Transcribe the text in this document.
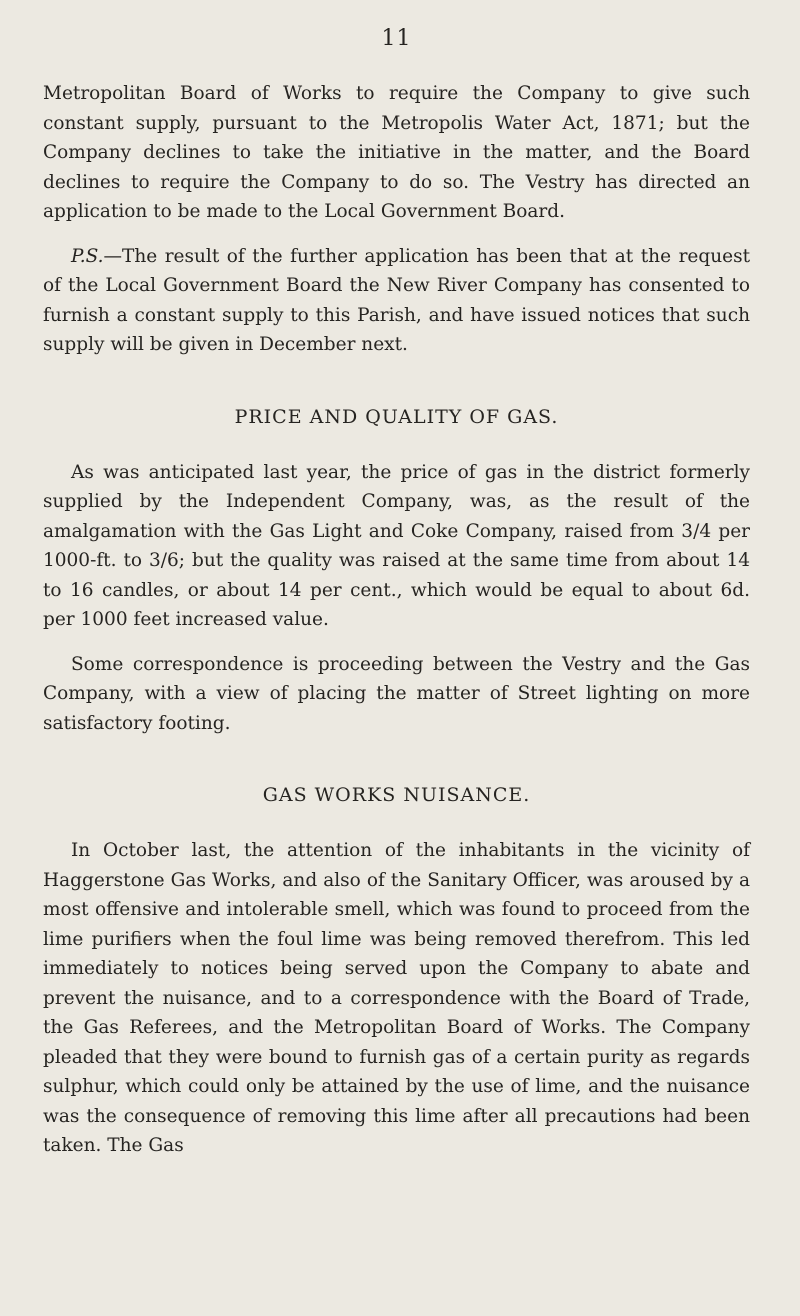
11

Metropolitan Board of Works to require the Company to give such constant supply, pursuant to the Metropolis Water Act, 1871; but the Company declines to take the initiative in the matter, and the Board declines to require the Company to do so. The Vestry has directed an application to be made to the Local Government Board.

P.S.—The result of the further application has been that at the request of the Local Government Board the New River Company has consented to furnish a constant supply to this Parish, and have issued notices that such supply will be given in December next.

PRICE AND QUALITY OF GAS.

As was anticipated last year, the price of gas in the district formerly supplied by the Independent Company, was, as the result of the amalgamation with the Gas Light and Coke Company, raised from 3/4 per 1000-ft. to 3/6; but the quality was raised at the same time from about 14 to 16 candles, or about 14 per cent., which would be equal to about 6d. per 1000 feet increased value.

Some correspondence is proceeding between the Vestry and the Gas Company, with a view of placing the matter of Street lighting on more satisfactory footing.

GAS WORKS NUISANCE.

In October last, the attention of the inhabitants in the vicinity of Haggerstone Gas Works, and also of the Sanitary Officer, was aroused by a most offensive and intolerable smell, which was found to proceed from the lime purifiers when the foul lime was being removed therefrom. This led immediately to notices being served upon the Company to abate and prevent the nuisance, and to a correspondence with the Board of Trade, the Gas Referees, and the Metropolitan Board of Works. The Company pleaded that they were bound to furnish gas of a certain purity as regards sulphur, which could only be attained by the use of lime, and the nuisance was the consequence of removing this lime after all precautions had been taken. The Gas
